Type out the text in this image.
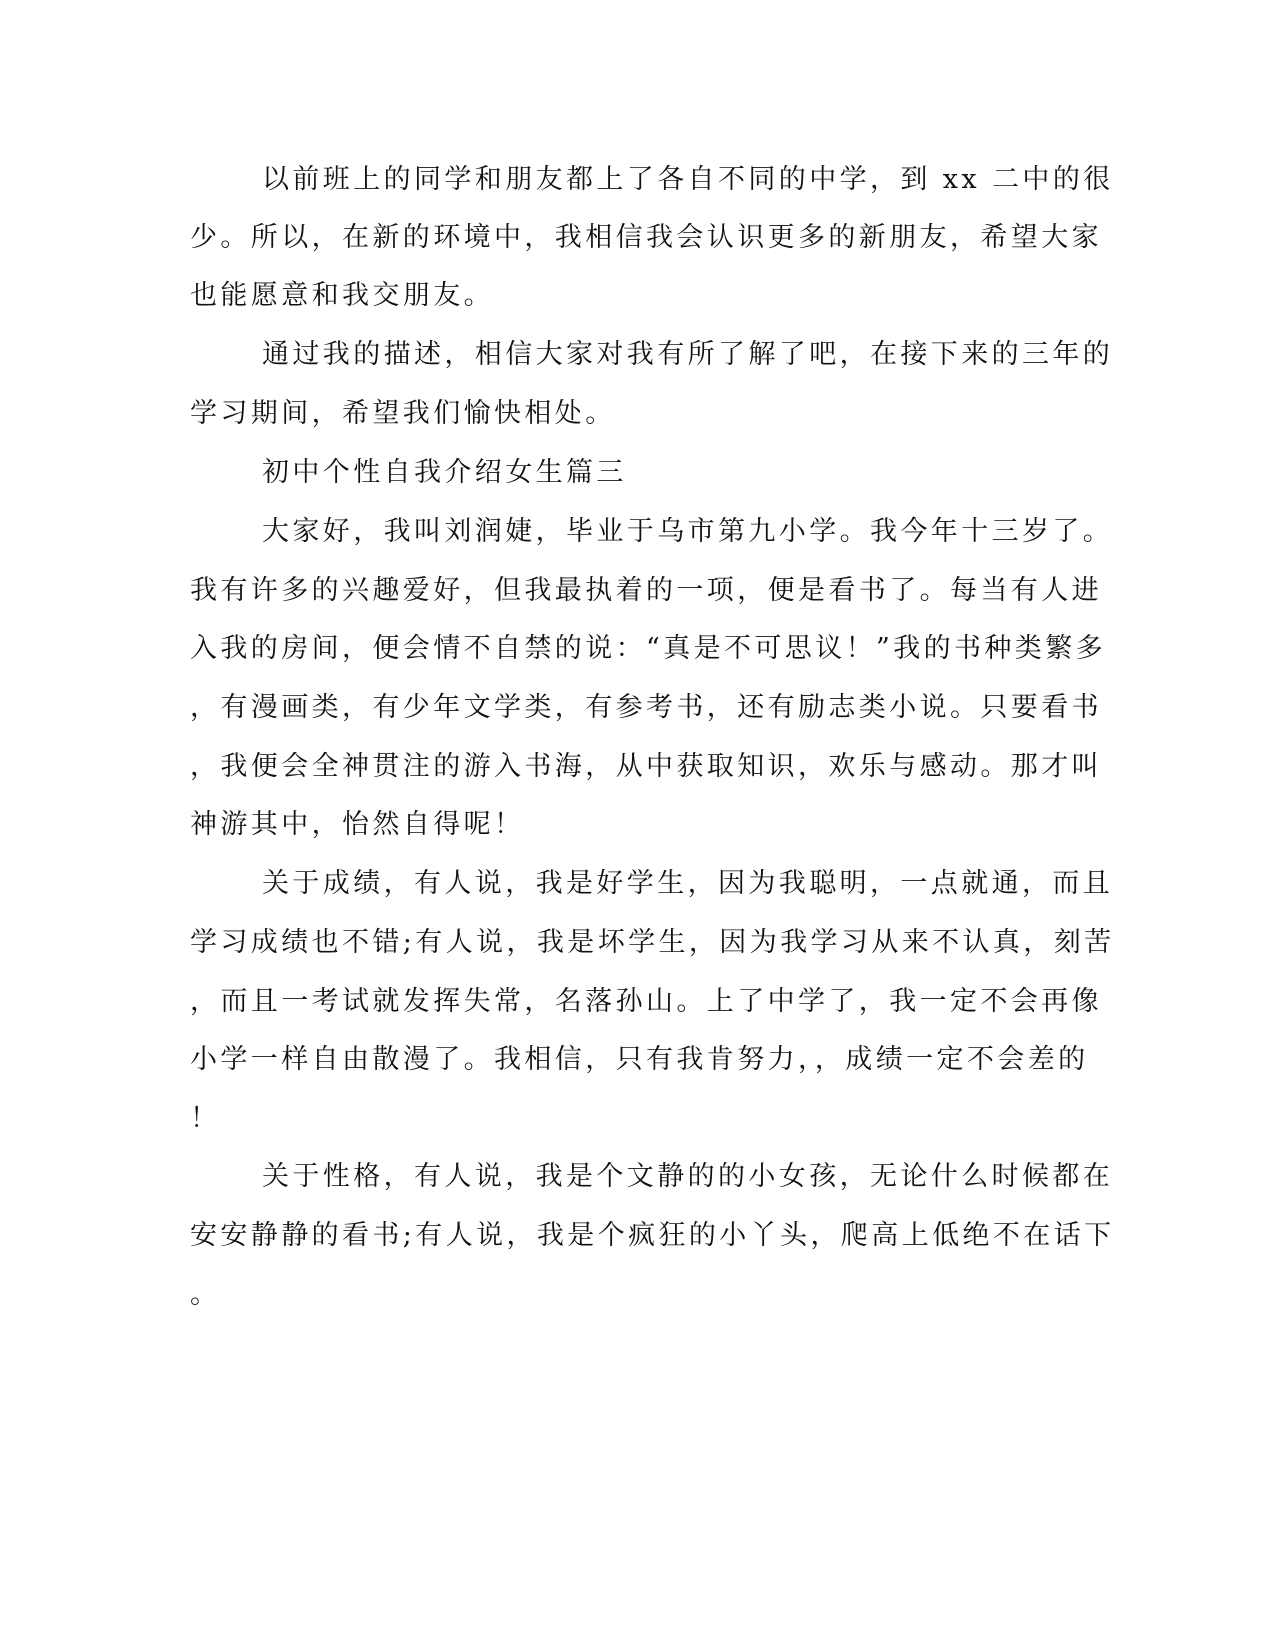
以前班上的同学和朋友都上了各自不同的中学，到 xx 二中的很

少。所以，在新的环境中，我相信我会认识更多的新朋友，希望大家

也能愿意和我交朋友。

通过我的描述，相信大家对我有所了解了吧，在接下来的三年的

学习期间，希望我们愉快相处。

初中个性自我介绍女生篇三

大家好，我叫刘润婕，毕业于乌市第九小学。我今年十三岁了。

我有许多的兴趣爱好，但我最执着的一项，便是看书了。每当有人进

入我的房间，便会情不自禁的说：“真是不可思议！”我的书种类繁多

，有漫画类，有少年文学类，有参考书，还有励志类小说。只要看书

，我便会全神贯注的游入书海，从中获取知识，欢乐与感动。那才叫

神游其中，怡然自得呢！

关于成绩，有人说，我是好学生，因为我聪明，一点就通，而且

学习成绩也不错;有人说，我是坏学生，因为我学习从来不认真，刻苦

，而且一考试就发挥失常，名落孙山。上了中学了，我一定不会再像

小学一样自由散漫了。我相信，只有我肯努力，，成绩一定不会差的

！

关于性格，有人说，我是个文静的的小女孩，无论什么时候都在

安安静静的看书;有人说，我是个疯狂的小丫头，爬高上低绝不在话下

。
